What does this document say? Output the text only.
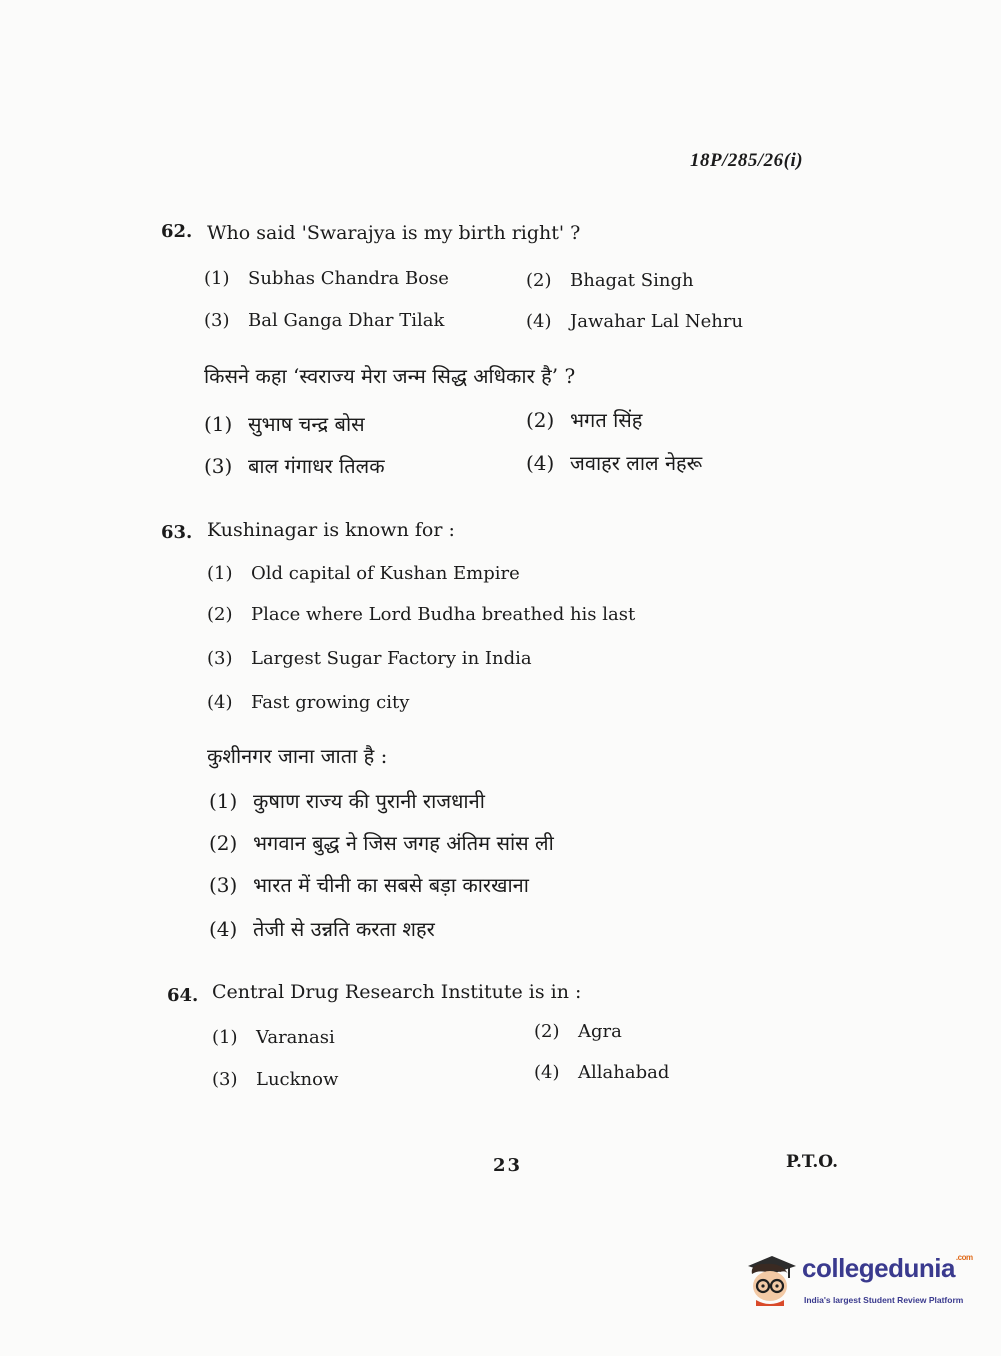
18P/285/26(i)
62. Who said 'Swarajya is my birth right' ?
(1) Subhas Chandra Bose	(2) Bhagat Singh
(3) Bal Ganga Dhar Tilak	(4) Jawahar Lal Nehru
किसने कहा ‘स्वराज्य मेरा जन्म सिद्ध अधिकार है’ ?
(1) सुभाष चन्द्र बोस	(2) भगत सिंह
(3) बाल गंगाधर तिलक	(4) जवाहर लाल नेहरू
63. Kushinagar is known for :
(1) Old capital of Kushan Empire
(2) Place where Lord Budha breathed his last
(3) Largest Sugar Factory in India
(4) Fast growing city
कुशीनगर जाना जाता है :
(1) कुषाण राज्य की पुरानी राजधानी
(2) भगवान बुद्ध ने जिस जगह अंतिम सांस ली
(3) भारत में चीनी का सबसे बड़ा कारखाना
(4) तेजी से उन्नति करता शहर
64. Central Drug Research Institute is in :
(1) Varanasi	(2) Agra
(3) Lucknow	(4) Allahabad
23	P.T.O.
collegedunia$^{.com}$
India's largest Student Review Platform
